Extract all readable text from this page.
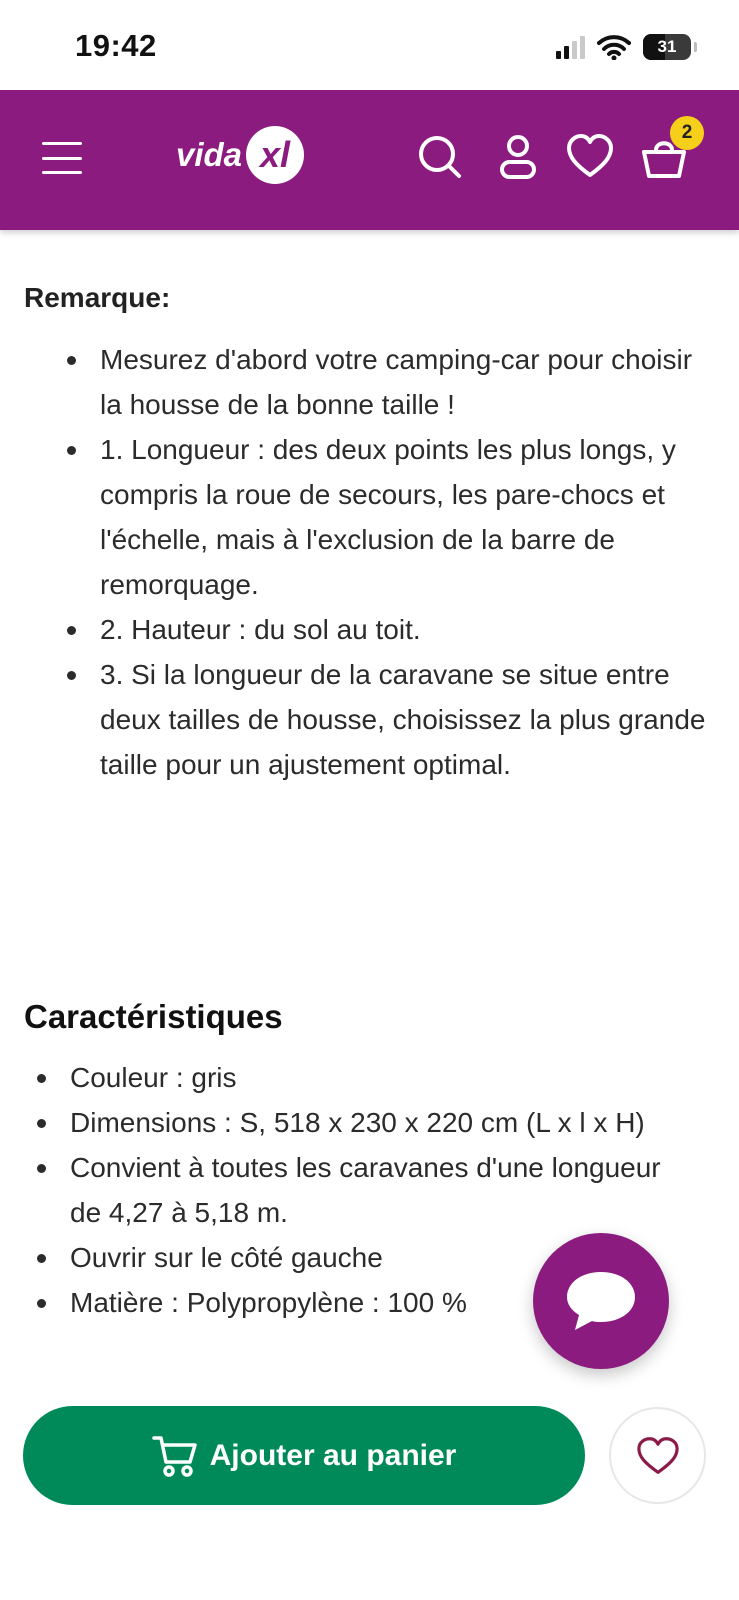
19:42	31
vida xl
2
Remarque:
Mesurez d'abord votre camping-car pour choisir la housse de la bonne taille !
1. Longueur : des deux points les plus longs, y compris la roue de secours, les pare-chocs et l'échelle, mais à l'exclusion de la barre de remorquage.
2. Hauteur : du sol au toit.
3. Si la longueur de la caravane se situe entre deux tailles de housse, choisissez la plus grande taille pour un ajustement optimal.
Caractéristiques
Couleur : gris
Dimensions : S, 518 x 230 x 220 cm (L x l x H)
Convient à toutes les caravanes d'une longueur de 4,27 à 5,18 m.
Ouvrir sur le côté gauche
Matière : Polypropylène : 100 %
Ajouter au panier
